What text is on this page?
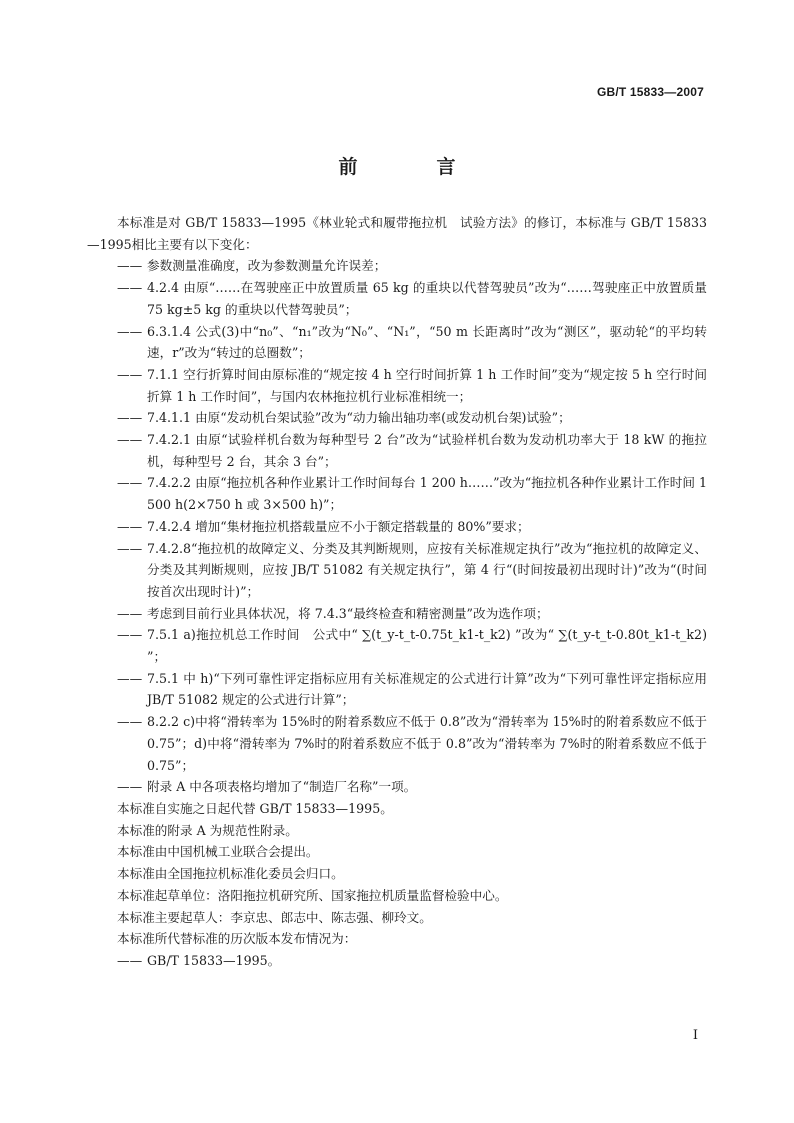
GB/T 15833—2007
前　言

本标准是对 GB/T 15833—1995《林业轮式和履带拖拉机　试验方法》的修订，本标准与 GB/T 15833—1995相比主要有以下变化：

—— 参数测量准确度，改为参数测量允许误差；

—— 4.2.4 由原“……在驾驶座正中放置质量 65 kg 的重块以代替驾驶员”改为“……驾驶座正中放置质量 75 kg±5 kg 的重块以代替驾驶员”；

—— 6.3.1.4 公式(3)中“n₀”、“n₁”改为“N₀”、“N₁”，“50 m 长距离时”改为“测区”，驱动轮“的平均转速，r”改为“转过的总圈数”；

—— 7.1.1 空行折算时间由原标准的“规定按 4 h 空行时间折算 1 h 工作时间”变为“规定按 5 h 空行时间折算 1 h 工作时间”，与国内农林拖拉机行业标准相统一；

—— 7.4.1.1 由原“发动机台架试验”改为“动力输出轴功率(或发动机台架)试验”；

—— 7.4.2.1 由原“试验样机台数为每种型号 2 台”改为“试验样机台数为发动机功率大于 18 kW 的拖拉机，每种型号 2 台，其余 3 台”；

—— 7.4.2.2 由原“拖拉机各种作业累计工作时间每台 1 200 h……”改为“拖拉机各种作业累计工作时间 1 500 h(2×750 h 或 3×500 h)”；

—— 7.4.2.4 增加“集材拖拉机搭载量应不小于额定搭载量的 80%”要求；

—— 7.4.2.8“拖拉机的故障定义、分类及其判断规则，应按有关标准规定执行”改为“拖拉机的故障定义、分类及其判断规则，应按 JB/T 51082 有关规定执行”，第 4 行“(时间按最初出现时计)”改为“(时间按首次出现时计)”；

—— 考虑到目前行业具体状况，将 7.4.3“最终检查和精密测量”改为选作项；

—— 7.5.1 a)拖拉机总工作时间　公式中“ ∑(t_y-t_t-0.75t_k1-t_k2) ”改为“ ∑(t_y-t_t-0.80t_k1-t_k2) ”；

—— 7.5.1 中 h)“下列可靠性评定指标应用有关标准规定的公式进行计算”改为“下列可靠性评定指标应用 JB/T 51082 规定的公式进行计算”；

—— 8.2.2 c)中将“滑转率为 15%时的附着系数应不低于 0.8”改为“滑转率为 15%时的附着系数应不低于 0.75”；d)中将“滑转率为 7%时的附着系数应不低于 0.8”改为“滑转率为 7%时的附着系数应不低于 0.75”；

—— 附录 A 中各项表格均增加了“制造厂名称”一项。

本标准自实施之日起代替 GB/T 15833—1995。

本标准的附录 A 为规范性附录。

本标准由中国机械工业联合会提出。

本标准由全国拖拉机标准化委员会归口。

本标准起草单位：洛阳拖拉机研究所、国家拖拉机质量监督检验中心。

本标准主要起草人：李京忠、郎志中、陈志强、柳玲文。

本标准所代替标准的历次版本发布情况为：

—— GB/T 15833—1995。

I
